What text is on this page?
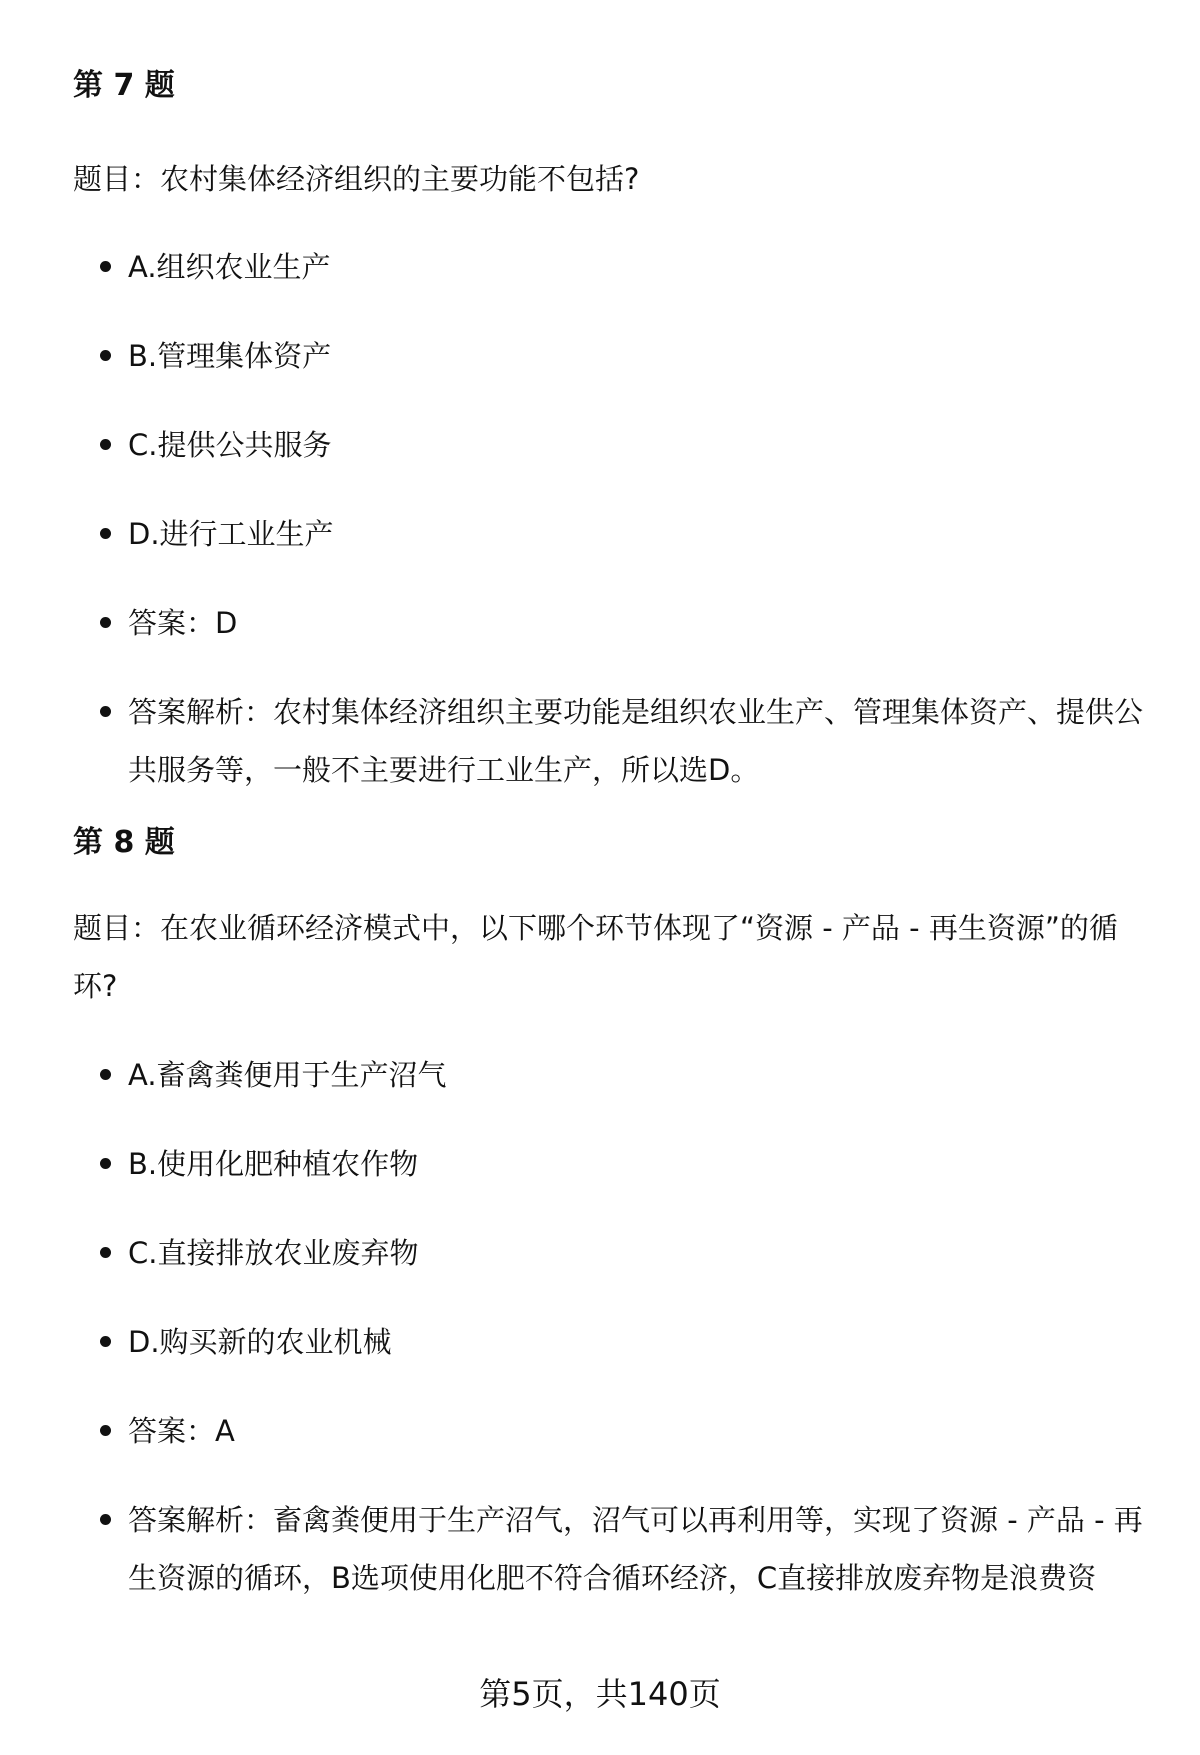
第 7 题

题目：农村集体经济组织的主要功能不包括?

A.组织农业生产
B.管理集体资产
C.提供公共服务
D.进行工业生产
答案：D
答案解析：农村集体经济组织主要功能是组织农业生产、管理集体资产、提供公共服务等，一般不主要进行工业生产，所以选D。
第 8 题

题目：在农业循环经济模式中，以下哪个环节体现了“资源 - 产品 - 再生资源”的循环?

A.畜禽粪便用于生产沼气
B.使用化肥种植农作物
C.直接排放农业废弃物
D.购买新的农业机械
答案：A
答案解析：畜禽粪便用于生产沼气，沼气可以再利用等，实现了资源 - 产品 - 再生资源的循环，B选项使用化肥不符合循环经济，C直接排放废弃物是浪费资
第5页，共140页
